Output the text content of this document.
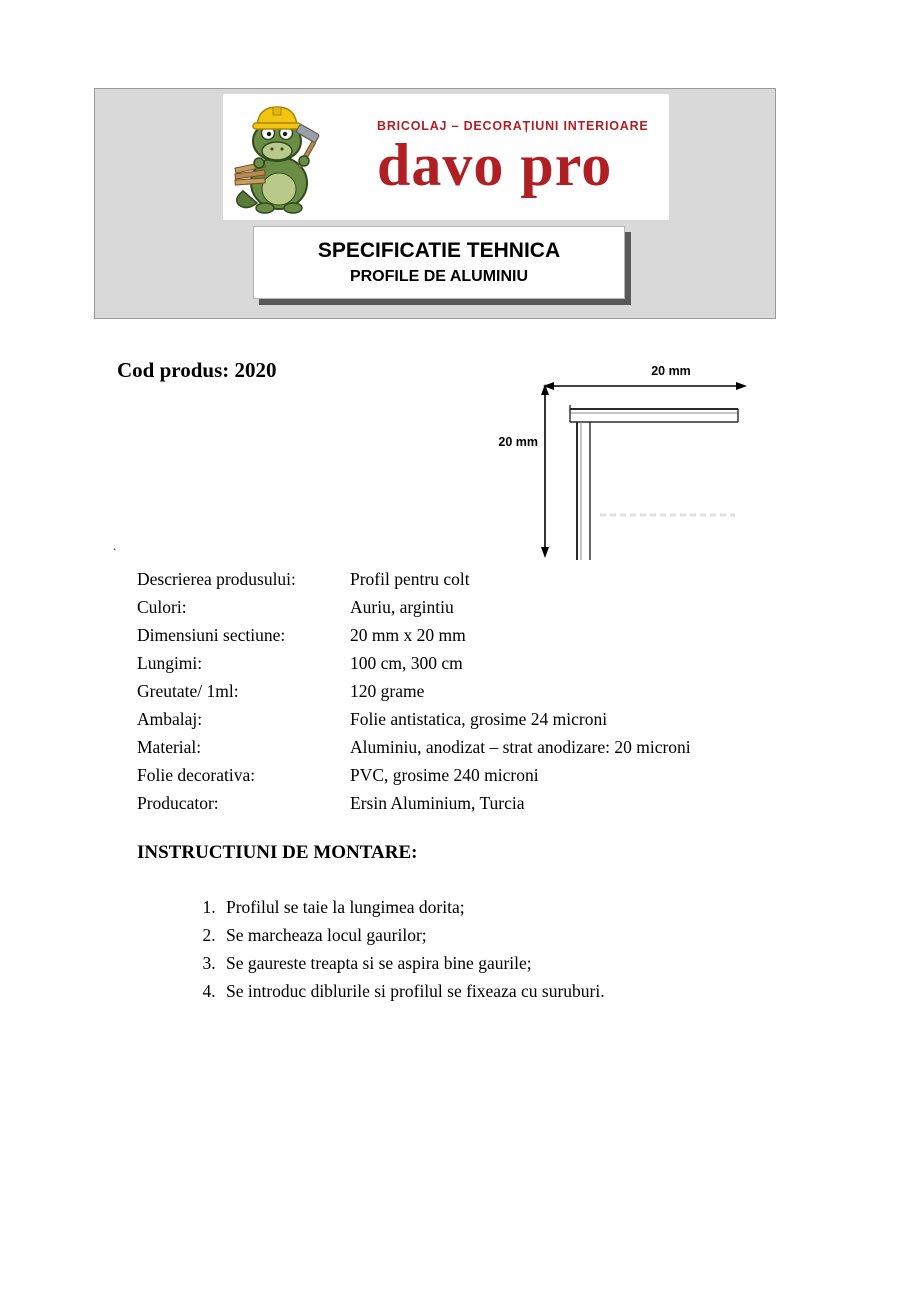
BRICOLAJ – DECORAȚIUNI INTERIOARE
davo pro
SPECIFICATIE TEHNICA
PROFILE DE ALUMINIU
Cod produs: 2020	20 mm
20 mm
.
Descrierea produsului:	Profil pentru colt
Culori:	Auriu, argintiu
Dimensiuni sectiune:	20 mm x 20 mm
Lungimi:	100 cm, 300 cm
Greutate/ 1ml:	120 grame
Ambalaj:	Folie antistatica, grosime 24 microni
Material:	Aluminiu, anodizat – strat anodizare: 20 microni
Folie decorativa:	PVC, grosime 240 microni
Producator:	Ersin Aluminium, Turcia
INSTRUCTIUNI DE MONTARE:
1. Profilul se taie la lungimea dorita;
2. Se marcheaza locul gaurilor;
3. Se gaureste treapta si se aspira bine gaurile;
4. Se introduc diblurile si profilul se fixeaza cu suruburi.
